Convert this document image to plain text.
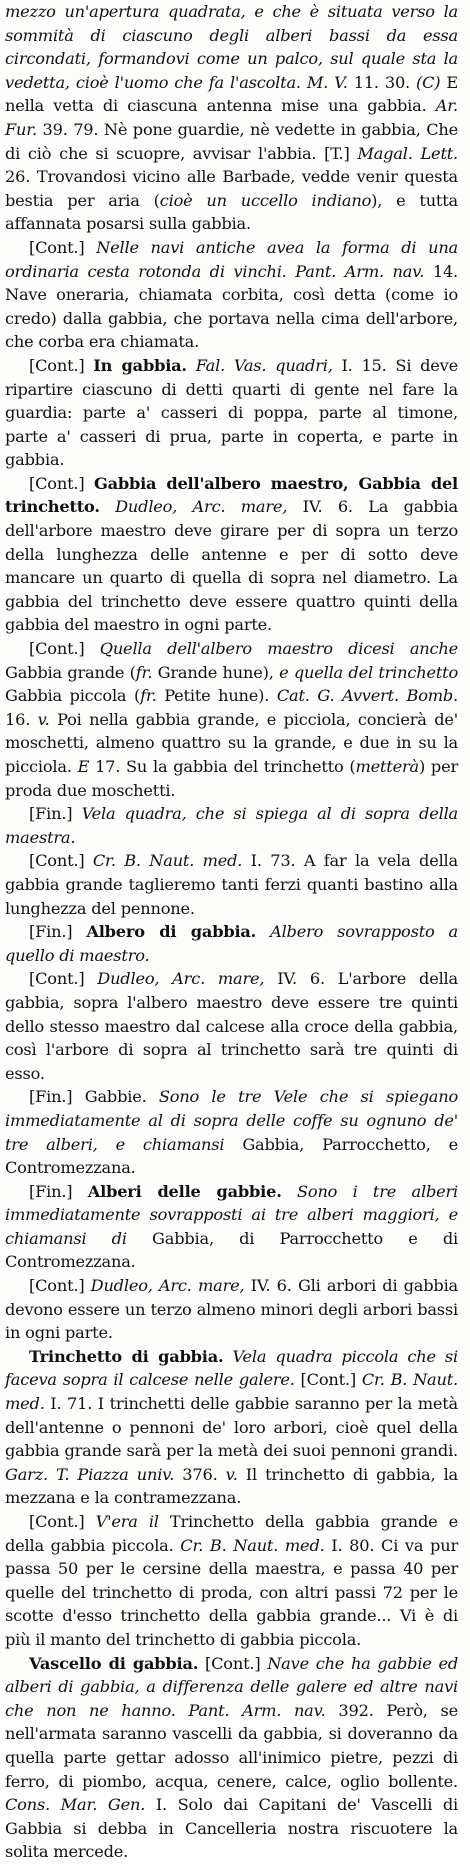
mezzo un'apertura quadrata, e che è situata verso la sommità di ciascuno degli alberi bassi da essa circondati, formandovi come un palco, sul quale sta la vedetta, cioè l'uomo che fa l'ascolta. M. V. 11. 30. (C) E nella vetta di ciascuna antenna mise una gabbia. Ar. Fur. 39. 79. Nè pone guardie, nè vedette in gabbia, Che di ciò che si scuopre, avvisar l'abbia. [T.] Magal. Lett. 26. Trovandosi vicino alle Barbade, vedde venir questa bestia per aria (cioè un uccello indiano), e tutta affannata posarsi sulla gabbia.

[Cont.] Nelle navi antiche avea la forma di una ordinaria cesta rotonda di vinchi. Pant. Arm. nav. 14. Nave oneraria, chiamata corbita, così detta (come io credo) dalla gabbia, che portava nella cima dell'arbore, che corba era chiamata.

[Cont.] In gabbia. Fal. Vas. quadri, I. 15. Si deve ripartire ciascuno di detti quarti di gente nel fare la guardia: parte a' casseri di poppa, parte al timone, parte a' casseri di prua, parte in coperta, e parte in gabbia.

[Cont.] Gabbia dell'albero maestro, Gabbia del trinchetto. Dudleo, Arc. mare, IV. 6. La gabbia dell'arbore maestro deve girare per di sopra un terzo della lunghezza delle antenne e per di sotto deve mancare un quarto di quella di sopra nel diametro. La gabbia del trinchetto deve essere quattro quinti della gabbia del maestro in ogni parte.

[Cont.] Quella dell'albero maestro dicesi anche Gabbia grande (fr. Grande hune), e quella del trinchetto Gabbia piccola (fr. Petite hune). Cat. G. Avvert. Bomb. 16. v. Poi nella gabbia grande, e picciola, concierà de' moschetti, almeno quattro su la grande, e due in su la picciola. E 17. Su la gabbia del trinchetto (metterà) per proda due moschetti.

[Fin.] Vela quadra, che si spiega al di sopra della maestra.

[Cont.] Cr. B. Naut. med. I. 73. A far la vela della gabbia grande taglieremo tanti ferzi quanti bastino alla lunghezza del pennone.

[Fin.] Albero di gabbia. Albero sovrapposto a quello di maestro.

[Cont.] Dudleo, Arc. mare, IV. 6. L'arbore della gabbia, sopra l'albero maestro deve essere tre quinti dello stesso maestro dal calcese alla croce della gabbia, così l'arbore di sopra al trinchetto sarà tre quinti di esso.

[Fin.] Gabbie. Sono le tre Vele che si spiegano immediatamente al di sopra delle coffe su ognuno de' tre alberi, e chiamansi Gabbia, Parrocchetto, e Contromezzana.

[Fin.] Alberi delle gabbie. Sono i tre alberi immediatamente sovrapposti ai tre alberi maggiori, e chiamansi di Gabbia, di Parrocchetto e di Contromezzana.

[Cont.] Dudleo, Arc. mare, IV. 6. Gli arbori di gabbia devono essere un terzo almeno minori degli arbori bassi in ogni parte.

Trinchetto di gabbia. Vela quadra piccola che si faceva sopra il calcese nelle galere. [Cont.] Cr. B. Naut. med. I. 71. I trinchetti delle gabbie saranno per la metà dell'antenne o pennoni de' loro arbori, cioè quel della gabbia grande sarà per la metà dei suoi pennoni grandi. Garz. T. Piazza univ. 376. v. Il trinchetto di gabbia, la mezzana e la contramezzana.

[Cont.] V'era il Trinchetto della gabbia grande e della gabbia piccola. Cr. B. Naut. med. I. 80. Ci va pur passa 50 per le cersine della maestra, e passa 40 per quelle del trinchetto di proda, con altri passi 72 per le scotte d'esso trinchetto della gabbia grande... Vi è di più il manto del trinchetto di gabbia piccola.

Vascello di gabbia. [Cont.] Nave che ha gabbie ed alberi di gabbia, a differenza delle galere ed altre navi che non ne hanno. Pant. Arm. nav. 392. Però, se nell'armata saranno vascelli da gabbia, si doveranno da quella parte gettar adosso all'inimico pietre, pezzi di ferro, di piombo, acqua, cenere, calce, oglio bollente. Cons. Mar. Gen. I. Solo dai Capitani de' Vascelli di Gabbia si debba in Cancelleria nostra riscuotere la solita mercede.
